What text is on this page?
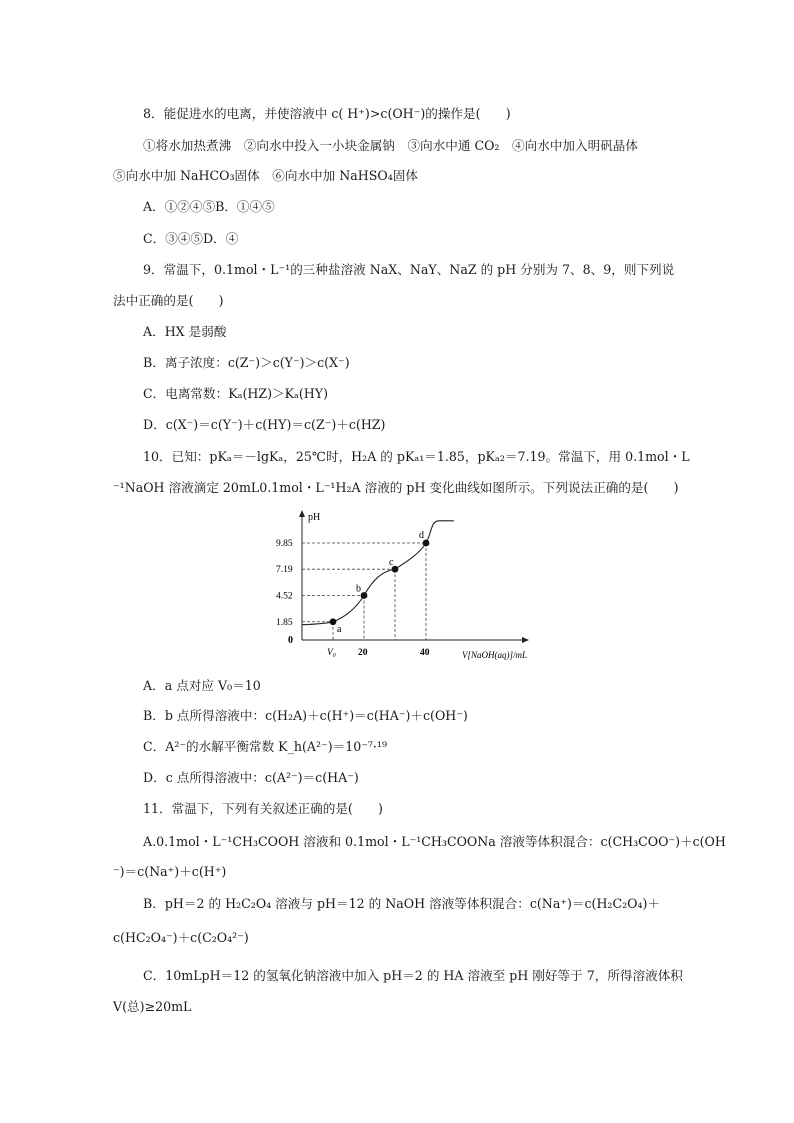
8．能促进水的电离，并使溶液中 c( H⁺)>c(OH⁻)的操作是(　　)
①将水加热煮沸　②向水中投入一小块金属钠　③向水中通 CO₂　④向水中加入明矾晶体
⑤向水中加 NaHCO₃固体　⑥向水中加 NaHSO₄固体
A．①②④⑤B．①④⑤
C．③④⑤D．④
9．常温下，0.1mol・L⁻¹的三种盐溶液 NaX、NaY、NaZ 的 pH 分别为 7、8、9，则下列说
法中正确的是(　　)
A．HX 是弱酸
B．离子浓度：c(Z⁻)＞c(Y⁻)＞c(X⁻)
C．电离常数：Kₐ(HZ)＞Kₐ(HY)
D．c(X⁻)＝c(Y⁻)＋c(HY)＝c(Z⁻)＋c(HZ)
10．已知：pKₐ＝－lgKₐ，25℃时，H₂A 的 pKₐ₁＝1.85，pKₐ₂＝7.19。常温下，用 0.1mol・L
⁻¹NaOH 溶液滴定 20mL0.1mol・L⁻¹H₂A 溶液的 pH 变化曲线如图所示。下列说法正确的是(　　)
pH
V[NaOH(aq)]/mL
0
a
b
c
d
9.85
7.19
4.52
1.85
V₀ 20	40
A．a 点对应 V₀＝10
B．b 点所得溶液中：c(H₂A)＋c(H⁺)＝c(HA⁻)＋c(OH⁻)
C．A²⁻的水解平衡常数 K_h(A²⁻)＝10⁻⁷·¹⁹
D．c 点所得溶液中：c(A²⁻)＝c(HA⁻)
11．常温下，下列有关叙述正确的是(　　)
A.0.1mol・L⁻¹CH₃COOH 溶液和 0.1mol・L⁻¹CH₃COONa 溶液等体积混合：c(CH₃COO⁻)＋c(OH
⁻)＝c(Na⁺)＋c(H⁺)
B．pH＝2 的 H₂C₂O₄ 溶液与 pH＝12 的 NaOH 溶液等体积混合：c(Na⁺)＝c(H₂C₂O₄)＋
c(HC₂O₄⁻)＋c(C₂O₄²⁻)
C．10mLpH＝12 的氢氧化钠溶液中加入 pH＝2 的 HA 溶液至 pH 刚好等于 7，所得溶液体积
V(总)≥20mL
